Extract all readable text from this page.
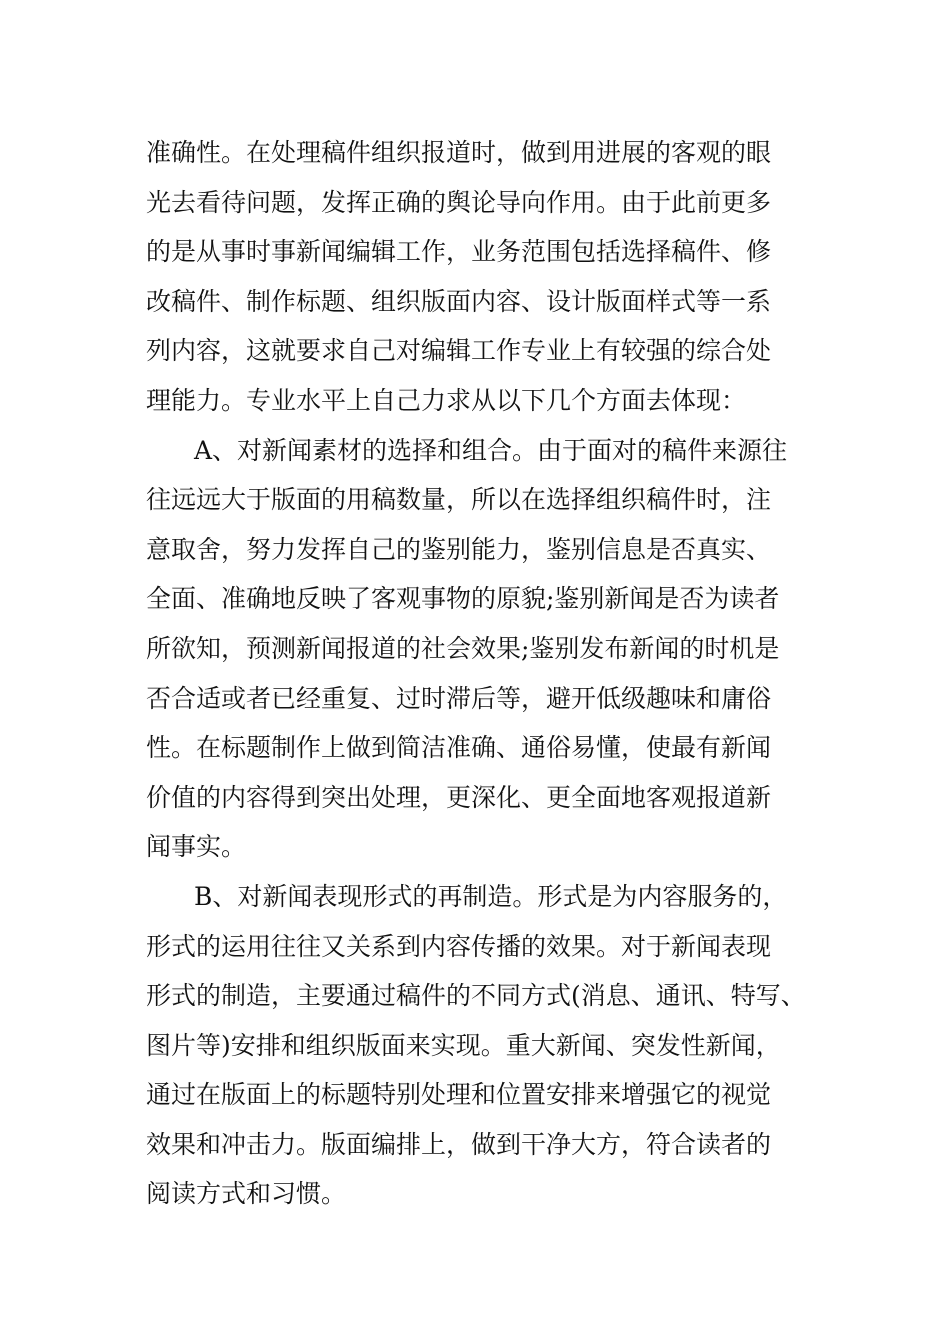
准确性。在处理稿件组织报道时，做到用进展的客观的眼
光去看待问题，发挥正确的舆论导向作用。由于此前更多
的是从事时事新闻编辑工作，业务范围包括选择稿件、修
改稿件、制作标题、组织版面内容、设计版面样式等一系
列内容，这就要求自己对编辑工作专业上有较强的综合处
理能力。专业水平上自己力求从以下几个方面去体现：
A、对新闻素材的选择和组合。由于面对的稿件来源往
往远远大于版面的用稿数量，所以在选择组织稿件时，注
意取舍，努力发挥自己的鉴别能力，鉴别信息是否真实、
全面、准确地反映了客观事物的原貌;鉴别新闻是否为读者
所欲知，预测新闻报道的社会效果;鉴别发布新闻的时机是
否合适或者已经重复、过时滞后等，避开低级趣味和庸俗
性。在标题制作上做到简洁准确、通俗易懂，使最有新闻
价值的内容得到突出处理，更深化、更全面地客观报道新
闻事实。
B、对新闻表现形式的再制造。形式是为内容服务的，
形式的运用往往又关系到内容传播的效果。对于新闻表现
形式的制造，主要通过稿件的不同方式(消息、通讯、特写、
图片等)安排和组织版面来实现。重大新闻、突发性新闻，
通过在版面上的标题特别处理和位置安排来增强它的视觉
效果和冲击力。版面编排上，做到干净大方，符合读者的
阅读方式和习惯。
